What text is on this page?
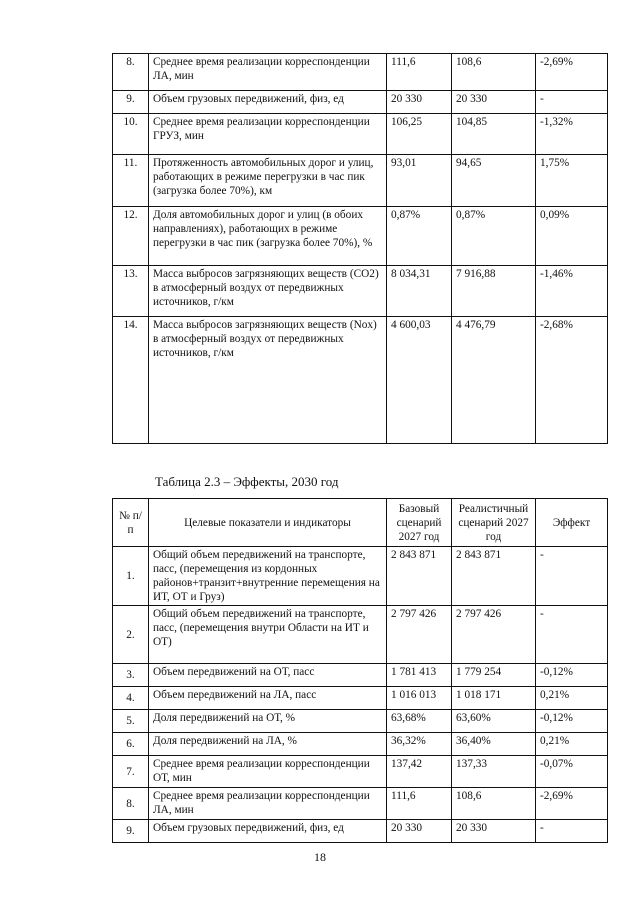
8.	Среднее время реализации корреспонденции ЛА, мин	111,6	108,6	-2,69%
9.	Объем грузовых передвижений, физ, ед	20 330	20 330	-
10.	Среднее время реализации корреспонденции ГРУЗ, мин	106,25	104,85	-1,32%
11.	Протяженность автомобильных дорог и улиц, работающих в режиме перегрузки в час пик (загрузка более 70%), км	93,01	94,65	1,75%
12.	Доля автомобильных дорог и улиц (в обоих направлениях), работающих в режиме перегрузки в час пик (загрузка более 70%), %	0,87%	0,87%	0,09%
13.	Масса выбросов загрязняющих веществ (CO2) в атмосферный воздух от передвижных источников, г/км	8 034,31	7 916,88	-1,46%
14.	Масса выбросов загрязняющих веществ (Nox) в атмосферный воздух от передвижных источников, г/км	4 600,03	4 476,79	-2,68%
Таблица 2.3 – Эффекты, 2030 год
№ п/п	Целевые показатели и индикаторы	Базовый сценарий 2027 год	Реалистичный сценарий 2027 год	Эффект
1.	Общий объем передвижений на транспорте, пасс, (перемещения из кордонных районов+транзит+внутренние перемещения на ИТ, ОТ и Груз)	2 843 871	2 843 871	-
2.	Общий объем передвижений на транспорте, пасс, (перемещения внутри Области на ИТ и ОТ)	2 797 426	2 797 426	-
3.	Объем передвижений на ОТ, пасс	1 781 413	1 779 254	-0,12%
4.	Объем передвижений на ЛА, пасс	1 016 013	1 018 171	0,21%
5.	Доля передвижений на ОТ, %	63,68%	63,60%	-0,12%
6.	Доля передвижений на ЛА, %	36,32%	36,40%	0,21%
7.	Среднее время реализации корреспонденции ОТ, мин	137,42	137,33	-0,07%
8.	Среднее время реализации корреспонденции ЛА, мин	111,6	108,6	-2,69%
9.	Объем грузовых передвижений, физ, ед	20 330	20 330	-
18
